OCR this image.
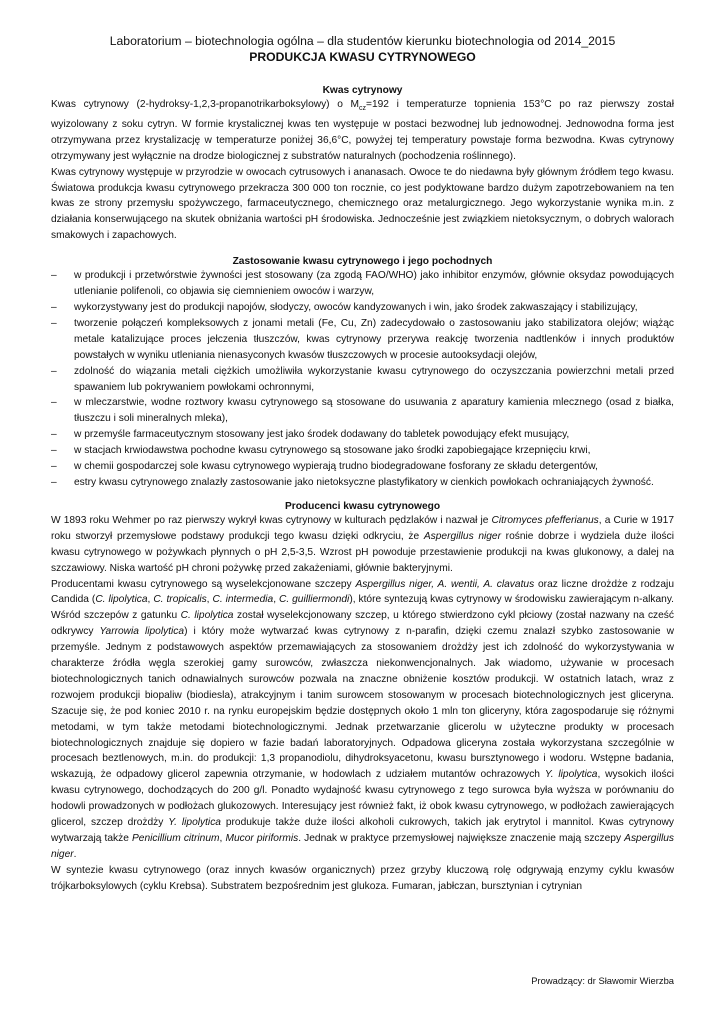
Laboratorium – biotechnologia ogólna – dla studentów kierunku biotechnologia od 2014_2015
PRODUKCJA KWASU CYTRYNOWEGO
Kwas cytrynowy

Kwas cytrynowy (2-hydroksy-1,2,3-propanotrikarboksylowy) o $M_{cz}=192$ i temperaturze topnienia 153°C po raz pierwszy został wyizolowany z soku cytryn. W formie krystalicznej kwas ten występuje w postaci bezwodnej lub jednowodnej. Jednowodna forma jest otrzymywana przez krystalizację w temperaturze poniżej 36,6°C, powyżej tej temperatury powstaje forma bezwodna. Kwas cytrynowy otrzymywany jest wyłącznie na drodze biologicznej z substratów naturalnych (pochodzenia roślinnego).

Kwas cytrynowy występuje w przyrodzie w owocach cytrusowych i ananasach. Owoce te do niedawna były głównym źródłem tego kwasu. Światowa produkcja kwasu cytrynowego przekracza 300 000 ton rocznie, co jest podyktowane bardzo dużym zapotrzebowaniem na ten kwas ze strony przemysłu spożywczego, farmaceutycznego, chemicznego oraz metalurgicznego. Jego wykorzystanie wynika m.in. z działania konserwującego na skutek obniżania wartości pH środowiska. Jednocześnie jest związkiem nietoksycznym, o dobrych walorach smakowych i zapachowych.

Zastosowanie kwasu cytrynowego i jego pochodnych
– w produkcji i przetwórstwie żywności jest stosowany (za zgodą FAO/WHO) jako inhibitor enzymów, głównie oksydaz powodujących utlenianie polifenoli, co objawia się ciemnieniem owoców i warzyw,
– wykorzystywany jest do produkcji napojów, słodyczy, owoców kandyzowanych i win, jako środek zakwaszający i stabilizujący,
– tworzenie połączeń kompleksowych z jonami metali (Fe, Cu, Zn) zadecydowało o zastosowaniu jako stabilizatora olejów; wiążąc metale katalizujące proces jełczenia tłuszczów, kwas cytrynowy przerywa reakcję tworzenia nadtlenków i innych produktów powstałych w wyniku utleniania nienasyconych kwasów tłuszczowych w procesie autooksydacji olejów,
– zdolność do wiązania metali ciężkich umożliwiła wykorzystanie kwasu cytrynowego do oczyszczania powierzchni metali przed spawaniem lub pokrywaniem powłokami ochronnymi,
– w mleczarstwie, wodne roztwory kwasu cytrynowego są stosowane do usuwania z aparatury kamienia mlecznego (osad z białka, tłuszczu i soli mineralnych mleka),
– w przemyśle farmaceutycznym stosowany jest jako środek dodawany do tabletek powodujący efekt musujący,
– w stacjach krwiodawstwa pochodne kwasu cytrynowego są stosowane jako środki zapobiegające krzepnięciu krwi,
– w chemii gospodarczej sole kwasu cytrynowego wypierają trudno biodegradowane fosforany ze składu detergentów,
– estry kwasu cytrynowego znalazły zastosowanie jako nietoksyczne plastyfikatory w cienkich powłokach ochraniających żywność.
Producenci kwasu cytrynowego

W 1893 roku Wehmer po raz pierwszy wykrył kwas cytrynowy w kulturach pędzlaków i nazwał je Citromyces pfefferianus, a Curie w 1917 roku stworzył przemysłowe podstawy produkcji tego kwasu dzięki odkryciu, że Aspergillus niger rośnie dobrze i wydziela duże ilości kwasu cytrynowego w pożywkach płynnych o pH 2,5-3,5. Wzrost pH powoduje przestawienie produkcji na kwas glukonowy, a dalej na szczawiowy. Niska wartość pH chroni pożywkę przed zakażeniami, głównie bakteryjnymi.

Producentami kwasu cytrynowego są wyselekcjonowane szczepy Aspergillus niger, A. wentii, A. clavatus oraz liczne drożdże z rodzaju Candida (C. lipolytica, C. tropicalis, C. intermedia, C. guilliermondi), które syntezują kwas cytrynowy w środowisku zawierającym n-alkany. Wśród szczepów z gatunku C. lipolytica został wyselekcjonowany szczep, u którego stwierdzono cykl płciowy (został nazwany na cześć odkrywcy Yarrowia lipolytica) i który może wytwarzać kwas cytrynowy z n-parafin, dzięki czemu znalazł szybko zastosowanie w przemyśle. Jednym z podstawowych aspektów przemawiających za stosowaniem drożdży jest ich zdolność do wykorzystywania w charakterze źródła węgla szerokiej gamy surowców, zwłaszcza niekonwencjonalnych. Jak wiadomo, używanie w procesach biotechnologicznych tanich odnawialnych surowców pozwala na znaczne obniżenie kosztów produkcji. W ostatnich latach, wraz z rozwojem produkcji biopaliw (biodiesla), atrakcyjnym i tanim surowcem stosowanym w procesach biotechnologicznych jest gliceryna. Szacuje się, że pod koniec 2010 r. na rynku europejskim będzie dostępnych około 1 mln ton gliceryny, która zagospodaruje się różnymi metodami, w tym także metodami biotechnologicznymi. Jednak przetwarzanie glicerolu w użyteczne produkty w procesach biotechnologicznych znajduje się dopiero w fazie badań laboratoryjnych. Odpadowa gliceryna została wykorzystana szczególnie w procesach beztlenowych, m.in. do produkcji: 1,3 propanodiolu, dihydroksyacetonu, kwasu bursztynowego i wodoru. Wstępne badania, wskazują, że odpadowy glicerol zapewnia otrzymanie, w hodowlach z udziałem mutantów ochrazowych Y. lipolytica, wysokich ilości kwasu cytrynowego, dochodzących do 200 g/l. Ponadto wydajność kwasu cytrynowego z tego surowca była wyższa w porównaniu do hodowli prowadzonych w podłożach glukozowych. Interesujący jest również fakt, iż obok kwasu cytrynowego, w podłożach zawierających glicerol, szczep drożdży Y. lipolytica produkuje także duże ilości alkoholi cukrowych, takich jak erytrytol i mannitol. Kwas cytrynowy wytwarzają także Penicillium citrinum, Mucor piriformis. Jednak w praktyce przemysłowej największe znaczenie mają szczepy Aspergillus niger.

W syntezie kwasu cytrynowego (oraz innych kwasów organicznych) przez grzyby kluczową rolę odgrywają enzymy cyklu kwasów trójkarboksylowych (cyklu Krebsa). Substratem bezpośrednim jest glukoza. Fumaran, jabłczan, bursztynian i cytrynian

Prowadzący: dr Sławomir Wierzba
